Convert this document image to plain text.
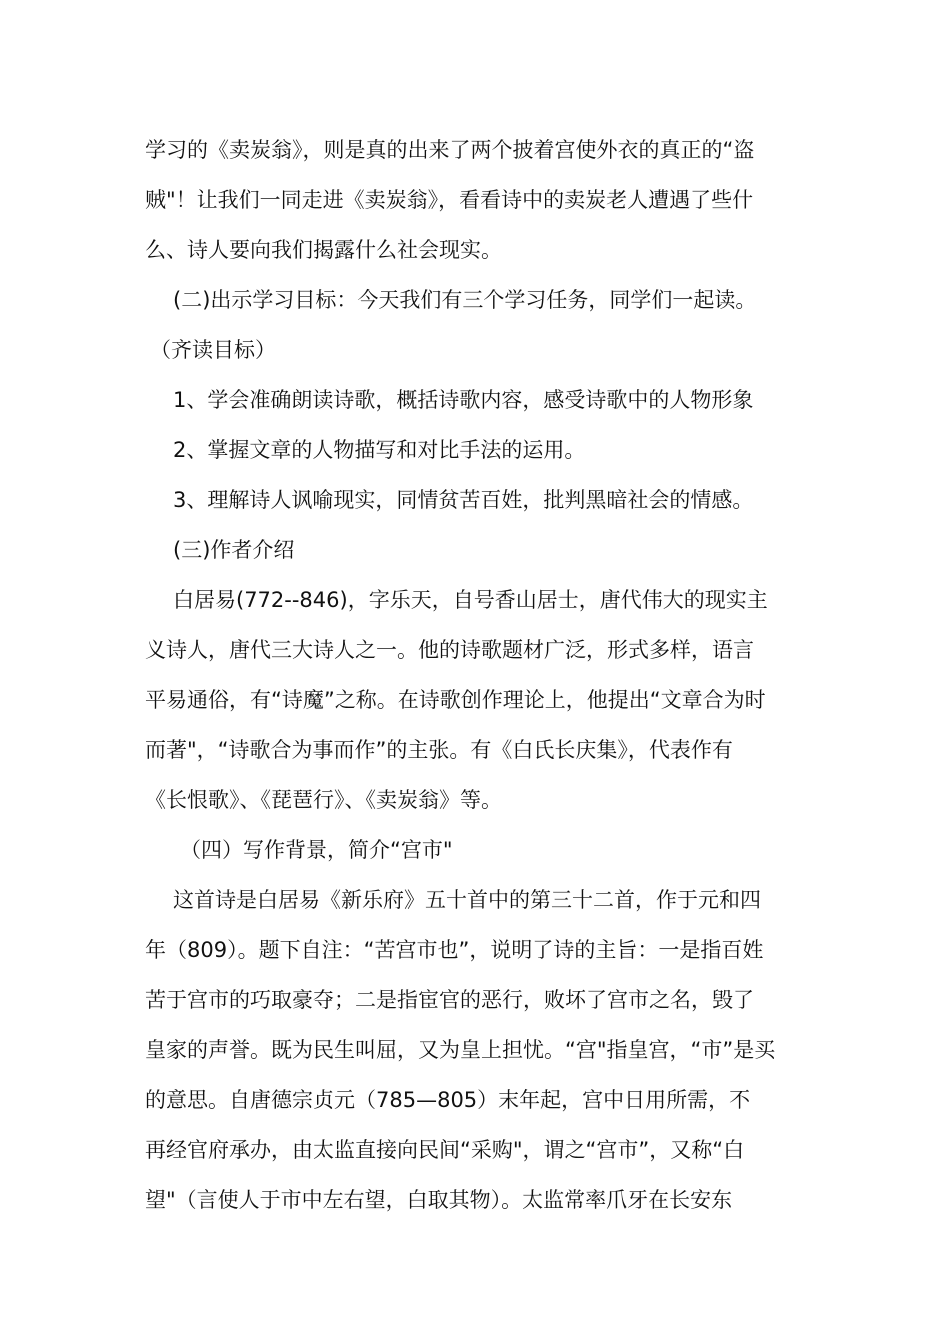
学习的《卖炭翁》，则是真的出来了两个披着宫使外衣的真正的“盗
贼"！让我们一同走进《卖炭翁》，看看诗中的卖炭老人遭遇了些什
么、诗人要向我们揭露什么社会现实。
(二)出示学习目标：今天我们有三个学习任务，同学们一起读。
（齐读目标）
1、学会准确朗读诗歌，概括诗歌内容，感受诗歌中的人物形象
2、掌握文章的人物描写和对比手法的运用。
3、理解诗人讽喻现实，同情贫苦百姓，批判黑暗社会的情感。
(三)作者介绍
白居易(772--846)，字乐天，自号香山居士，唐代伟大的现实主
义诗人，唐代三大诗人之一。他的诗歌题材广泛，形式多样，语言
平易通俗，有“诗魔”之称。在诗歌创作理论上，他提出“文章合为时
而著"，“诗歌合为事而作”的主张。有《白氏长庆集》，代表作有
《长恨歌》、《琵琶行》、《卖炭翁》等。
（四）写作背景，简介“宫市"
这首诗是白居易《新乐府》五十首中的第三十二首，作于元和四
年（809）。题下自注：“苦宫市也”，说明了诗的主旨：一是指百姓
苦于宫市的巧取豪夺；二是指宦官的恶行，败坏了宫市之名，毁了
皇家的声誉。既为民生叫屈，又为皇上担忧。“宫"指皇宫，“市”是买
的意思。自唐德宗贞元（785—805）末年起，宫中日用所需，不
再经官府承办，由太监直接向民间“采购"，谓之“宫市”，又称“白
望"（言使人于市中左右望，白取其物）。太监常率爪牙在长安东
